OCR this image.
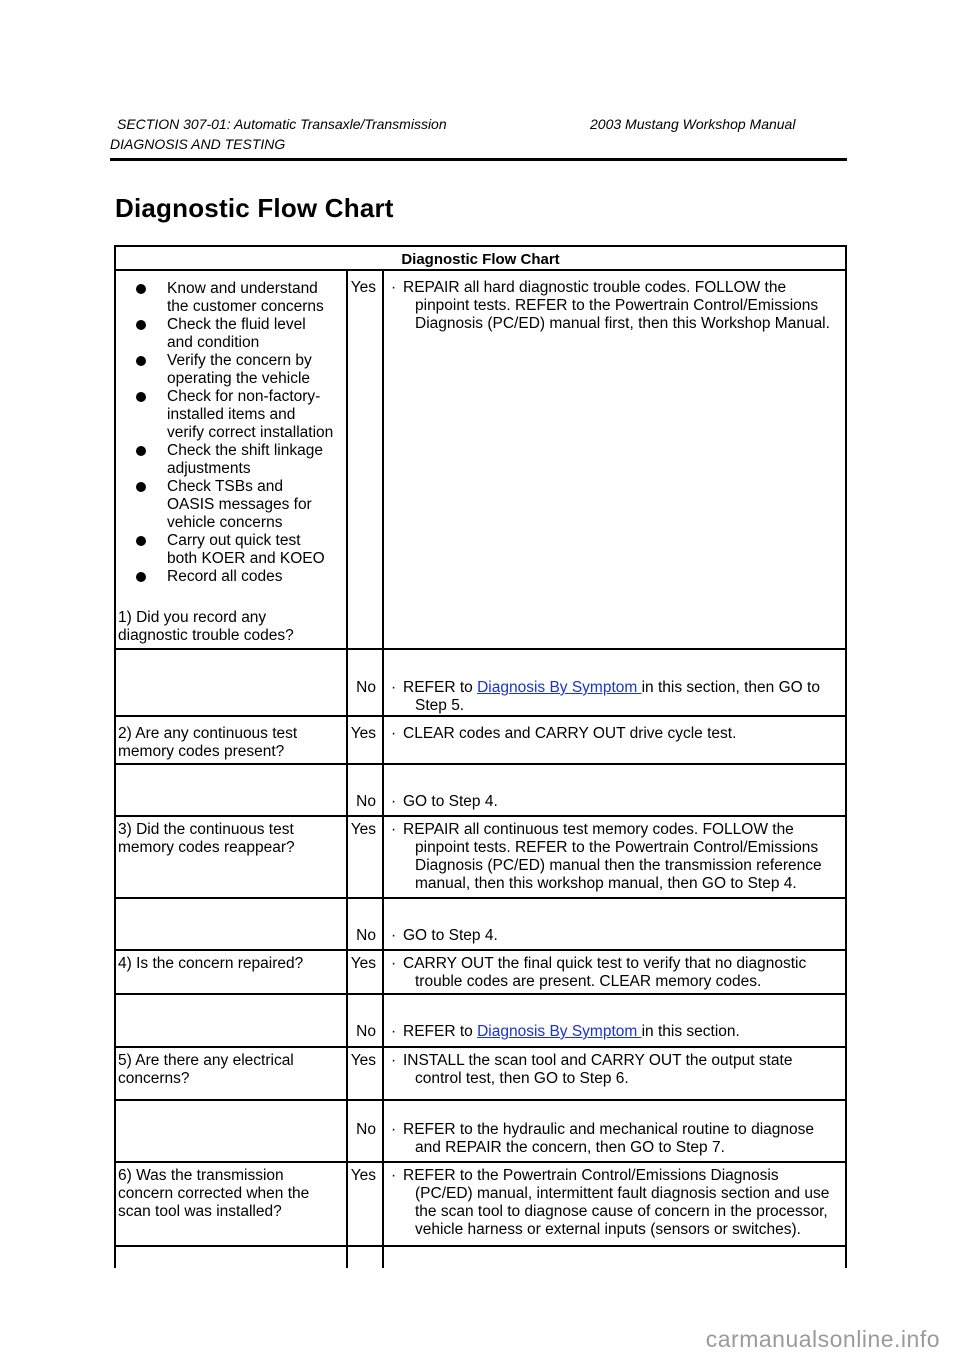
SECTION 307-01: Automatic Transaxle/Transmission	2003 Mustang Workshop Manual
DIAGNOSIS AND TESTING
Diagnostic Flow Chart
Diagnostic Flow Chart
Know and understand
the customer concerns
Check the fluid level
and condition
Verify the concern by
operating the vehicle
Check for non-factory-
installed items and
verify correct installation
Check the shift linkage
adjustments
Check TSBs and
OASIS messages for
vehicle concerns
Carry out quick test
both KOER and KOEO
Record all codes
1) Did you record any
diagnostic trouble codes?
Yes · REPAIR all hard diagnostic trouble codes. FOLLOW the
pinpoint tests. REFER to the Powertrain Control/Emissions
Diagnosis (PC/ED) manual first, then this Workshop Manual.
No · REFER to Diagnosis By Symptom in this section, then GO to
Step 5.
2) Are any continuous test
memory codes present?
Yes · CLEAR codes and CARRY OUT drive cycle test.
No · GO to Step 4.
3) Did the continuous test
memory codes reappear?
Yes · REPAIR all continuous test memory codes. FOLLOW the
pinpoint tests. REFER to the Powertrain Control/Emissions
Diagnosis (PC/ED) manual then the transmission reference
manual, then this workshop manual, then GO to Step 4.
No · GO to Step 4.
4) Is the concern repaired?	Yes · CARRY OUT the final quick test to verify that no diagnostic
trouble codes are present. CLEAR memory codes.
No · REFER to Diagnosis By Symptom in this section.
5) Are there any electrical
concerns?
Yes · INSTALL the scan tool and CARRY OUT the output state
control test, then GO to Step 6.
No · REFER to the hydraulic and mechanical routine to diagnose
and REPAIR the concern, then GO to Step 7.
6) Was the transmission
concern corrected when the
scan tool was installed?
Yes · REFER to the Powertrain Control/Emissions Diagnosis
(PC/ED) manual, intermittent fault diagnosis section and use
the scan tool to diagnose cause of concern in the processor,
vehicle harness or external inputs (sensors or switches).
carmanualsonline.info
